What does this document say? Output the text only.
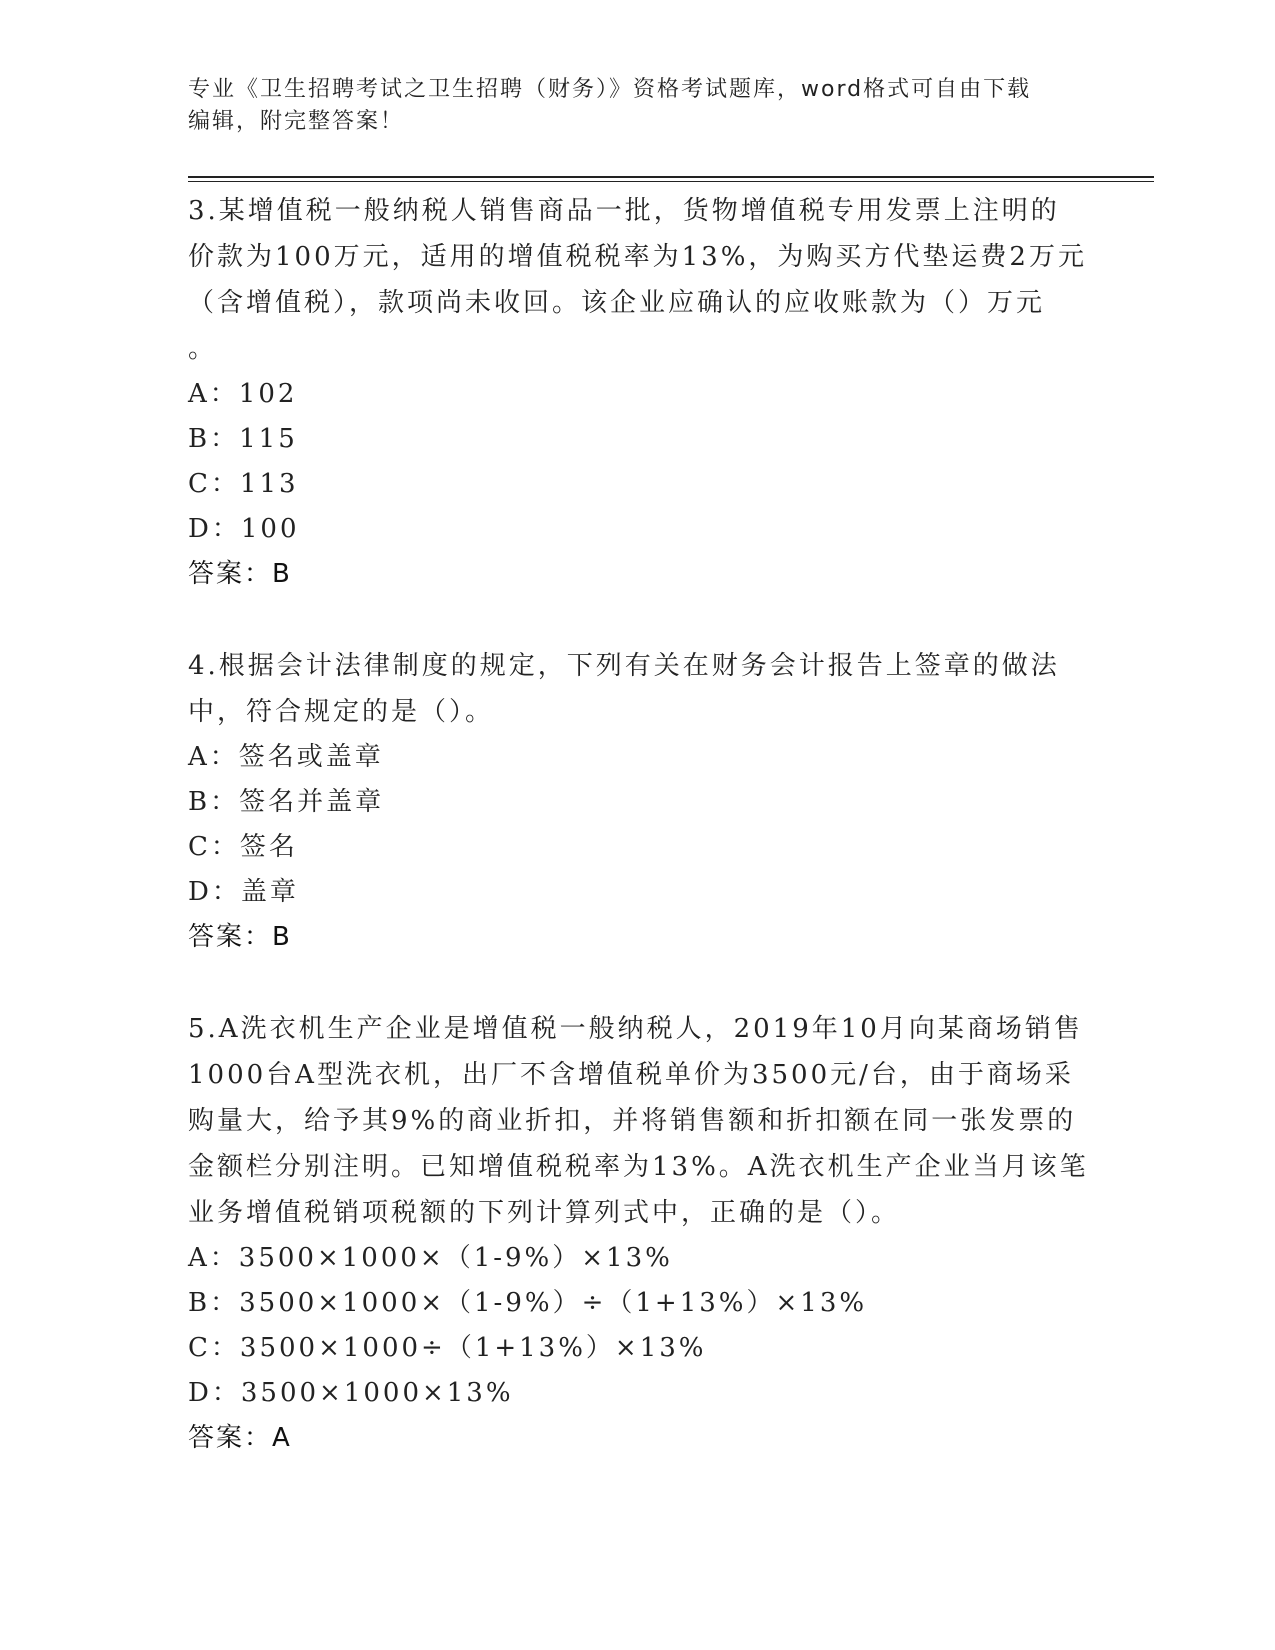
专业《卫生招聘考试之卫生招聘（财务）》资格考试题库，word格式可自由下载
编辑，附完整答案！
3.某增值税一般纳税人销售商品一批，货物增值税专用发票上注明的
价款为100万元，适用的增值税税率为13%，为购买方代垫运费2万元
（含增值税），款项尚未收回。该企业应确认的应收账款为（）万元
。
A：102
B：115
C：113
D：100
答案：B
4.根据会计法律制度的规定，下列有关在财务会计报告上签章的做法
中，符合规定的是（）。
A：签名或盖章
B：签名并盖章
C：签名
D：盖章
答案：B
5.A洗衣机生产企业是增值税一般纳税人，2019年10月向某商场销售
1000台A型洗衣机，出厂不含增值税单价为3500元/台，由于商场采
购量大，给予其9%的商业折扣，并将销售额和折扣额在同一张发票的
金额栏分别注明。已知增值税税率为13%。A洗衣机生产企业当月该笔
业务增值税销项税额的下列计算列式中，正确的是（）。
A：3500×1000×（1-9%）×13%
B：3500×1000×（1-9%）÷（1+13%）×13%
C：3500×1000÷（1+13%）×13%
D：3500×1000×13%
答案：A
